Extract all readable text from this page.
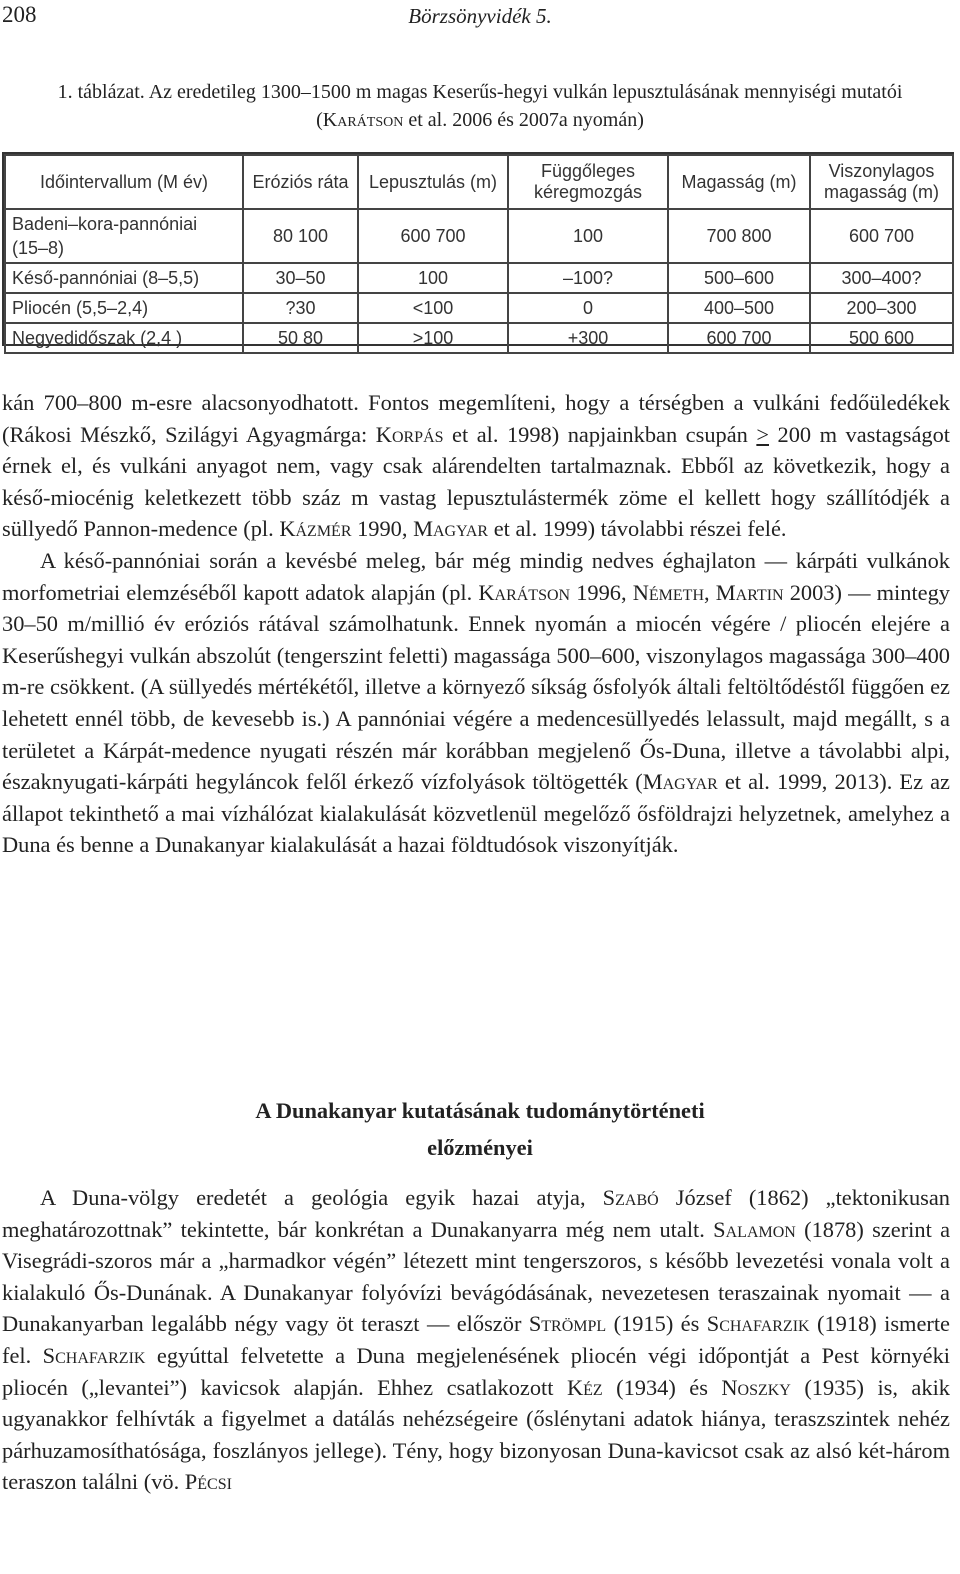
208	Börzsönyvidék 5.
1. táblázat. Az eredetileg 1300–1500 m magas Keserűs-hegyi vulkán lepusztulásának mennyiségi mutatói (Karátson et al. 2006 és 2007a nyomán)
Időintervallum (M év)	Eróziós ráta	Lepusztulás (m)	Függőleges kéregmozgás	Magasság (m)	Viszonylagos magasság (m)
Badeni–kora-pannóniai (15–8)	80 100	600 700	100	700 800	600 700
Késő-pannóniai (8–5,5)	30–50	100	–100?	500–600	300–400?
Pliocén (5,5–2,4)	?30	<100	0	400–500	200–300
Negyedidőszak (2,4 )	50 80	>100	+300	600 700	500 600

kán 700–800 m-esre alacsonyodhatott. Fontos megemlíteni, hogy a térségben a vulkáni fedőüledékek (Rákosi Mészkő, Szilágyi Agyagmárga: Korpás et al. 1998) napjainkban csupán ≥ 200 m vastagságot érnek el, és vulkáni anyagot nem, vagy csak alárendelten tartalmaznak. Ebből az következik, hogy a késő-miocénig keletkezett több száz m vastag lepusztulástermék zöme el kellett hogy szállítódjék a süllyedő Pannon-medence (pl. Kázmér 1990, Magyar et al. 1999) távolabbi részei felé.

A késő-pannóniai során a kevésbé meleg, bár még mindig nedves éghajlaton — kárpáti vulkánok morfometriai elemzéséből kapott adatok alapján (pl. Karátson 1996, Németh, Martin 2003) — mintegy 30–50 m/millió év eróziós rátával számolhatunk. Ennek nyomán a miocén végére / pliocén elejére a Keserűshegyi vulkán abszolút (tengerszint feletti) magassága 500–600, viszonylagos magassága 300–400 m-re csökkent. (A süllyedés mértékétől, illetve a környező síkság ősfolyók általi feltöltődéstől függően ez lehetett ennél több, de kevesebb is.) A pannóniai végére a medencesüllyedés lelassult, majd megállt, s a területet a Kárpát-medence nyugati részén már korábban megjelenő Ős-Duna, illetve a távolabbi alpi, északnyugati-kárpáti hegyláncok felől érkező vízfolyások töltögették (Magyar et al. 1999, 2013). Ez az állapot tekinthető a mai vízhálózat kialakulását közvetlenül megelőző ősföldrajzi helyzetnek, amelyhez a Duna és benne a Dunakanyar kialakulását a hazai földtudósok viszonyítják.

A Dunakanyar kutatásának tudománytörténeti
előzményei

A Duna-völgy eredetét a geológia egyik hazai atyja, Szabó József (1862) „tektonikusan meghatározottnak” tekintette, bár konkrétan a Dunakanyarra még nem utalt. Salamon (1878) szerint a Visegrádi-szoros már a „harmadkor végén” létezett mint tengerszoros, s később levezetési vonala volt a kialakuló Ős-Dunának. A Dunakanyar folyóvízi bevágódásának, nevezetesen teraszainak nyomait — a Dunakanyarban legalább négy vagy öt teraszt — először Strömpl (1915) és Schafarzik (1918) ismerte fel. Schafarzik egyúttal felvetette a Duna megjelenésének pliocén végi időpontját a Pest környéki pliocén („levantei”) kavicsok alapján. Ehhez csatlakozott Kéz (1934) és Noszky (1935) is, akik ugyanakkor felhívták a figyelmet a datálás nehézségeire (őslénytani adatok hiánya, teraszszintek nehéz párhuzamosíthatósága, foszlányos jellege). Tény, hogy bizonyosan Duna-kavicsot csak az alsó két-három teraszon találni (vö. Pécsi
